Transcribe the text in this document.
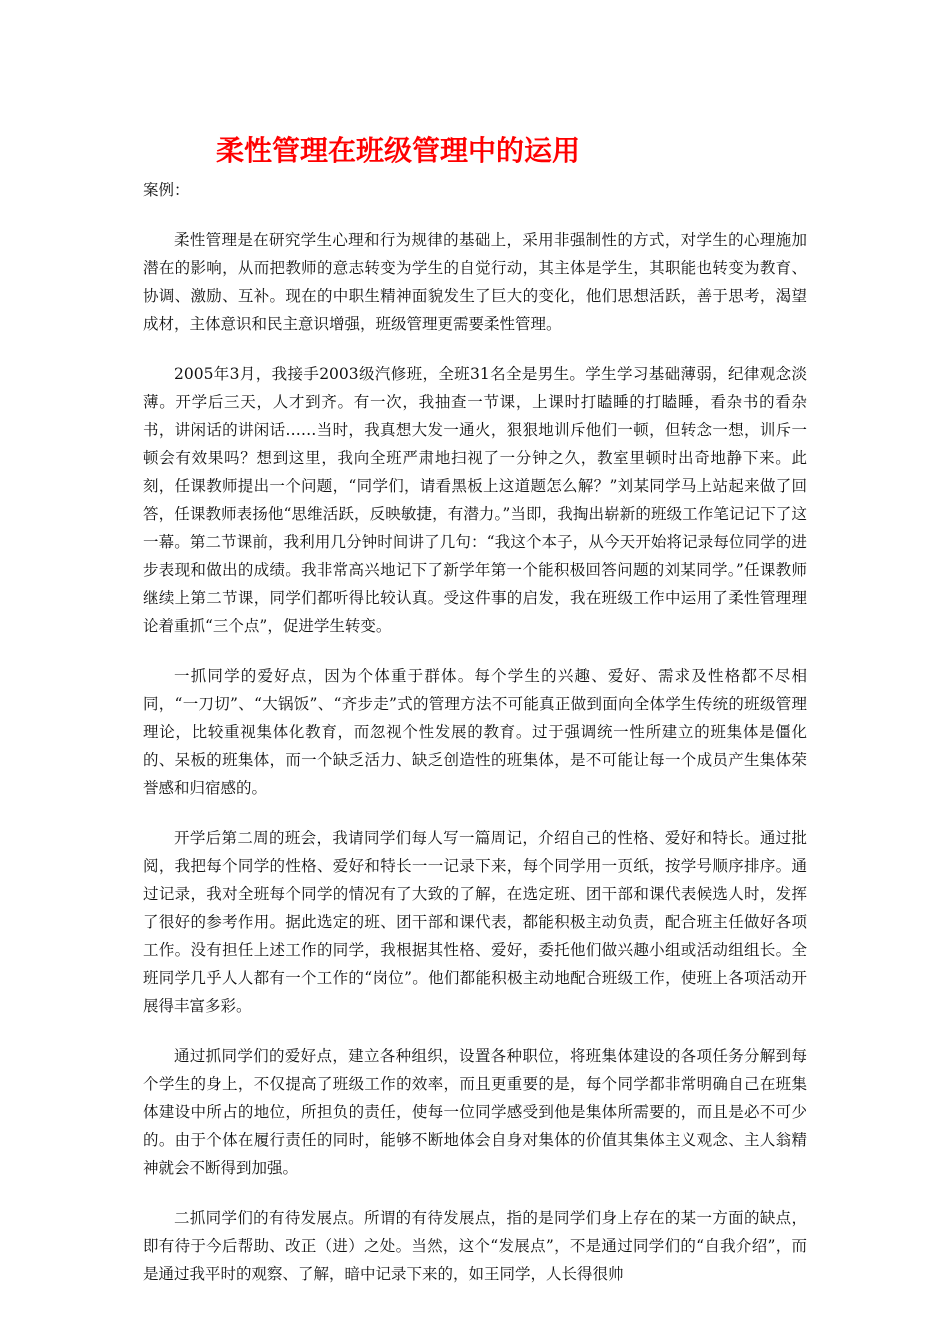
柔性管理在班级管理中的运用

案例：

柔性管理是在研究学生心理和行为规律的基础上，采用非强制性的方式，对学生的心理施加潜在的影响，从而把教师的意志转变为学生的自觉行动，其主体是学生，其职能也转变为教育、协调、激励、互补。现在的中职生精神面貌发生了巨大的变化，他们思想活跃，善于思考，渴望成材，主体意识和民主意识增强，班级管理更需要柔性管理。

2005年3月，我接手2003级汽修班，全班31名全是男生。学生学习基础薄弱，纪律观念淡薄。开学后三天，人才到齐。有一次，我抽查一节课，上课时打瞌睡的打瞌睡，看杂书的看杂书，讲闲话的讲闲话……当时，我真想大发一通火，狠狠地训斥他们一顿，但转念一想，训斥一顿会有效果吗？想到这里，我向全班严肃地扫视了一分钟之久，教室里顿时出奇地静下来。此刻，任课教师提出一个问题，“同学们，请看黑板上这道题怎么解？”刘某同学马上站起来做了回答，任课教师表扬他“思维活跃，反映敏捷，有潜力。”当即，我掏出崭新的班级工作笔记记下了这一幕。第二节课前，我利用几分钟时间讲了几句：“我这个本子，从今天开始将记录每位同学的进步表现和做出的成绩。我非常高兴地记下了新学年第一个能积极回答问题的刘某同学。”任课教师继续上第二节课，同学们都听得比较认真。受这件事的启发，我在班级工作中运用了柔性管理理论着重抓“三个点”，促进学生转变。

一抓同学的爱好点，因为个体重于群体。每个学生的兴趣、爱好、需求及性格都不尽相同，“一刀切”、“大锅饭”、“齐步走”式的管理方法不可能真正做到面向全体学生传统的班级管理理论，比较重视集体化教育，而忽视个性发展的教育。过于强调统一性所建立的班集体是僵化的、呆板的班集体，而一个缺乏活力、缺乏创造性的班集体，是不可能让每一个成员产生集体荣誉感和归宿感的。

开学后第二周的班会，我请同学们每人写一篇周记，介绍自己的性格、爱好和特长。通过批阅，我把每个同学的性格、爱好和特长一一记录下来，每个同学用一页纸，按学号顺序排序。通过记录，我对全班每个同学的情况有了大致的了解，在选定班、团干部和课代表候选人时，发挥了很好的参考作用。据此选定的班、团干部和课代表，都能积极主动负责，配合班主任做好各项工作。没有担任上述工作的同学，我根据其性格、爱好，委托他们做兴趣小组或活动组组长。全班同学几乎人人都有一个工作的“岗位”。他们都能积极主动地配合班级工作，使班上各项活动开展得丰富多彩。

通过抓同学们的爱好点，建立各种组织，设置各种职位，将班集体建设的各项任务分解到每个学生的身上，不仅提高了班级工作的效率，而且更重要的是，每个同学都非常明确自己在班集体建设中所占的地位，所担负的责任，使每一位同学感受到他是集体所需要的，而且是必不可少的。由于个体在履行责任的同时，能够不断地体会自身对集体的价值其集体主义观念、主人翁精神就会不断得到加强。

二抓同学们的有待发展点。所谓的有待发展点，指的是同学们身上存在的某一方面的缺点，即有待于今后帮助、改正（进）之处。当然，这个“发展点”，不是通过同学们的“自我介绍”，而是通过我平时的观察、了解，暗中记录下来的，如王同学，人长得很帅
